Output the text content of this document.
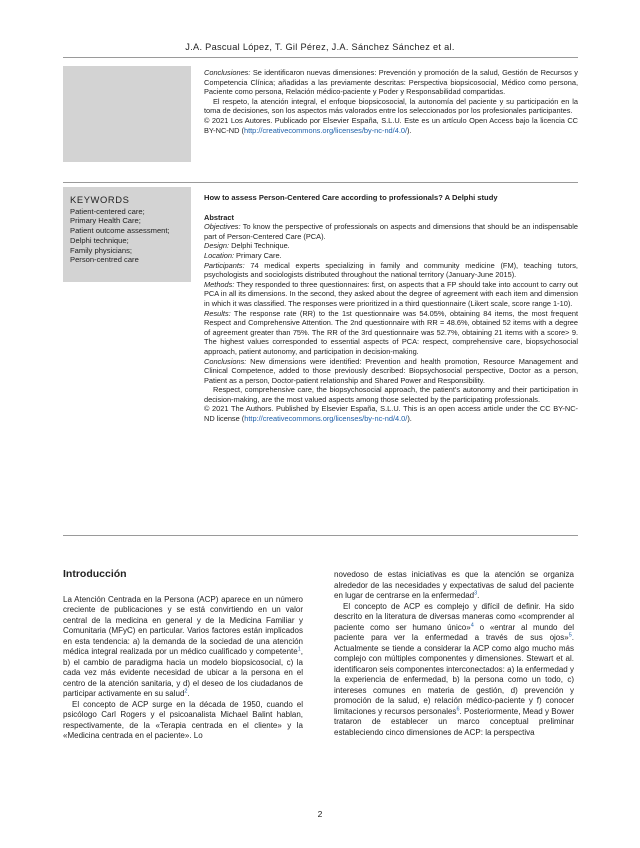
J.A. Pascual López, T. Gil Pérez, J.A. Sánchez Sánchez et al.

Conclusiones: Se identificaron nuevas dimensiones: Prevención y promoción de la salud, Gestión de Recursos y Competencia Clínica; añadidas a las previamente descritas: Perspectiva biopsicosocial, Médico como persona, Paciente como persona, Relación médico-paciente y Poder y Responsabilidad compartidas.

El respeto, la atención integral, el enfoque biopsicosocial, la autonomía del paciente y su participación en la toma de decisiones, son los aspectos más valorados entre los seleccionados por los profesionales participantes.

© 2021 Los Autores. Publicado por Elsevier España, S.L.U. Este es un artículo Open Access bajo la licencia CC BY-NC-ND (http://creativecommons.org/licenses/by-nc-nd/4.0/).

KEYWORDS
Patient-centered care;
Primary Health Care;
Patient outcome assessment;
Delphi technique;
Family physicians;
Person-centred care

How to assess Person-Centered Care according to professionals? A Delphi study

Abstract

Objectives: To know the perspective of professionals on aspects and dimensions that should be an indispensable part of Person-Centered Care (PCA).

Design: Delphi Technique.

Location: Primary Care.

Participants: 74 medical experts specializing in family and community medicine (FM), teaching tutors, psychologists and sociologists distributed throughout the national territory (January-June 2015).

Methods: They responded to three questionnaires: first, on aspects that a FP should take into account to carry out PCA in all its dimensions. In the second, they asked about the degree of agreement with each item and dimension in which it was classified. The responses were prioritized in a third questionnaire (Likert scale, score range 1-10).

Results: The response rate (RR) to the 1st questionnaire was 54.05%, obtaining 84 items, the most frequent Respect and Comprehensive Attention. The 2nd questionnaire with RR = 48.6%, obtained 52 items with a degree of agreement greater than 75%. The RR of the 3rd questionnaire was 52.7%, obtaining 21 items with a score> 9. The highest values corresponded to essential aspects of PCA: respect, comprehensive care, biopsychosocial approach, patient autonomy, and participation in decision-making.

Conclusions: New dimensions were identified: Prevention and health promotion, Resource Management and Clinical Competence, added to those previously described: Biopsychosocial perspective, Doctor as a person, Patient as a person, Doctor-patient relationship and Shared Power and Responsibility.

Respect, comprehensive care, the biopsychosocial approach, the patient's autonomy and their participation in decision-making, are the most valued aspects among those selected by the participating professionals.

© 2021 The Authors. Published by Elsevier España, S.L.U. This is an open access article under the CC BY-NC-ND license (http://creativecommons.org/licenses/by-nc-nd/4.0/).

Introducción

La Atención Centrada en la Persona (ACP) aparece en un número creciente de publicaciones y se está convirtiendo en un valor central de la medicina en general y de la Medicina Familiar y Comunitaria (MFyC) en particular. Varios factores están implicados en esta tendencia: a) la demanda de la sociedad de una atención médica integral realizada por un médico cualificado y competente$^1$, b) el cambio de paradigma hacia un modelo biopsicosocial, c) la cada vez más evidente necesidad de ubicar a la persona en el centro de la atención sanitaria, y d) el deseo de los ciudadanos de participar activamente en su salud$^2$.

El concepto de ACP surge en la década de 1950, cuando el psicólogo Carl Rogers y el psicoanalista Michael Balint hablan, respectivamente, de la «Terapia centrada en el cliente» y la «Medicina centrada en el paciente». Lo

novedoso de estas iniciativas es que la atención se organiza alrededor de las necesidades y expectativas de salud del paciente en lugar de centrarse en la enfermedad$^3$.

El concepto de ACP es complejo y difícil de definir. Ha sido descrito en la literatura de diversas maneras como «comprender al paciente como ser humano único»$^4$ o «entrar al mundo del paciente para ver la enfermedad a través de sus ojos»$^5$. Actualmente se tiende a considerar la ACP como algo mucho más complejo con múltiples componentes y dimensiones. Stewart et al. identificaron seis componentes interconectados: a) la enfermedad y la experiencia de enfermedad, b) la persona como un todo, c) intereses comunes en materia de gestión, d) prevención y promoción de la salud, e) relación médico-paciente y f) conocer limitaciones y recursos personales$^6$. Posteriormente, Mead y Bower trataron de establecer un marco conceptual preliminar estableciendo cinco dimensiones de ACP: la perspectiva

2
